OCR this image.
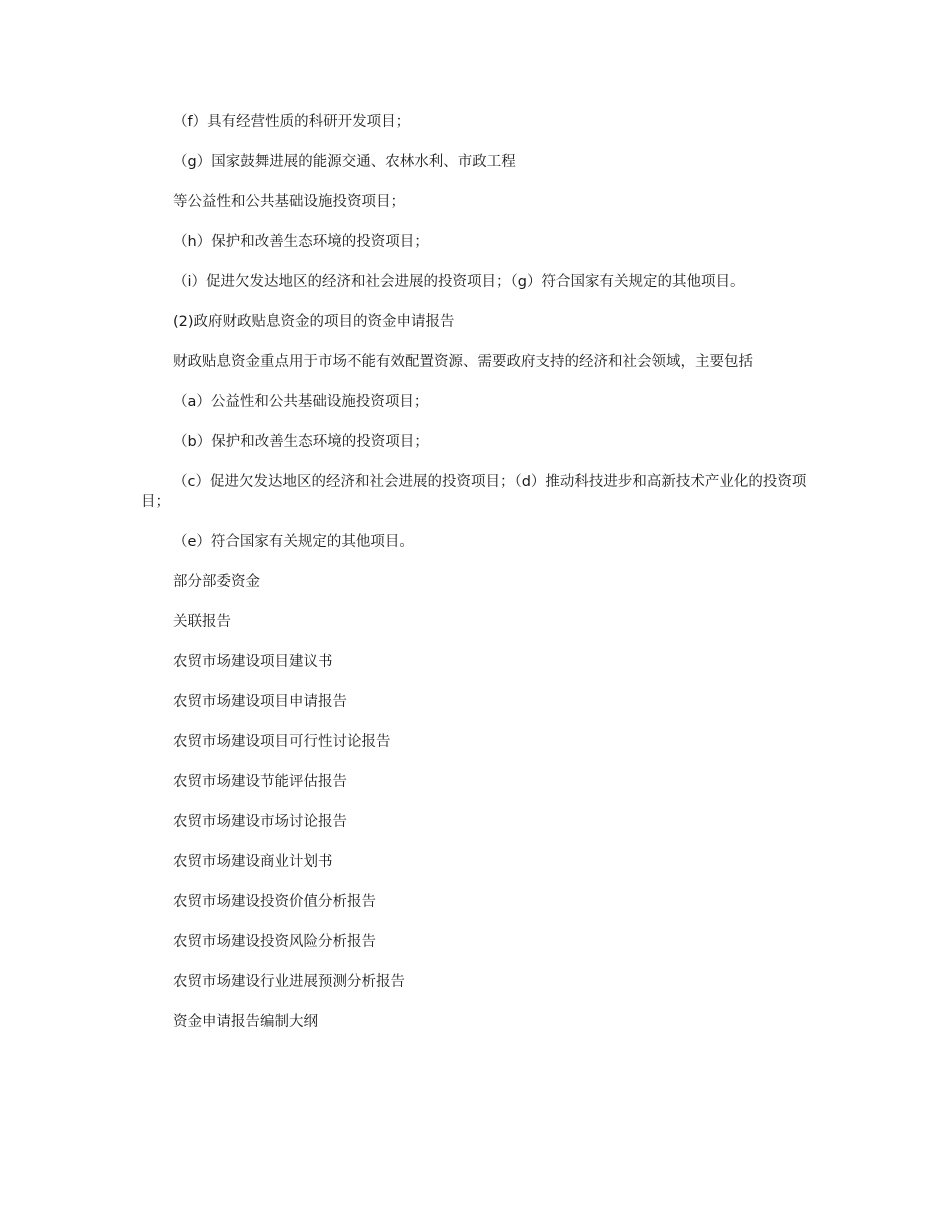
（f）具有经营性质的科研开发项目；

（g）国家鼓舞进展的能源交通、农林水利、市政工程

等公益性和公共基础设施投资项目；

（h）保护和改善生态环境的投资项目；

（i）促进欠发达地区的经济和社会进展的投资项目；（g）符合国家有关规定的其他项目。

(2)政府财政贴息资金的项目的资金申请报告

财政贴息资金重点用于市场不能有效配置资源、需要政府支持的经济和社会领域，主要包括

（a）公益性和公共基础设施投资项目；

（b）保护和改善生态环境的投资项目；

（c）促进欠发达地区的经济和社会进展的投资项目；（d）推动科技进步和高新技术产业化的投资项目；

（e）符合国家有关规定的其他项目。

部分部委资金

关联报告

农贸市场建设项目建议书

农贸市场建设项目申请报告

农贸市场建设项目可行性讨论报告

农贸市场建设节能评估报告

农贸市场建设市场讨论报告

农贸市场建设商业计划书

农贸市场建设投资价值分析报告

农贸市场建设投资风险分析报告

农贸市场建设行业进展预测分析报告

资金申请报告编制大纲
